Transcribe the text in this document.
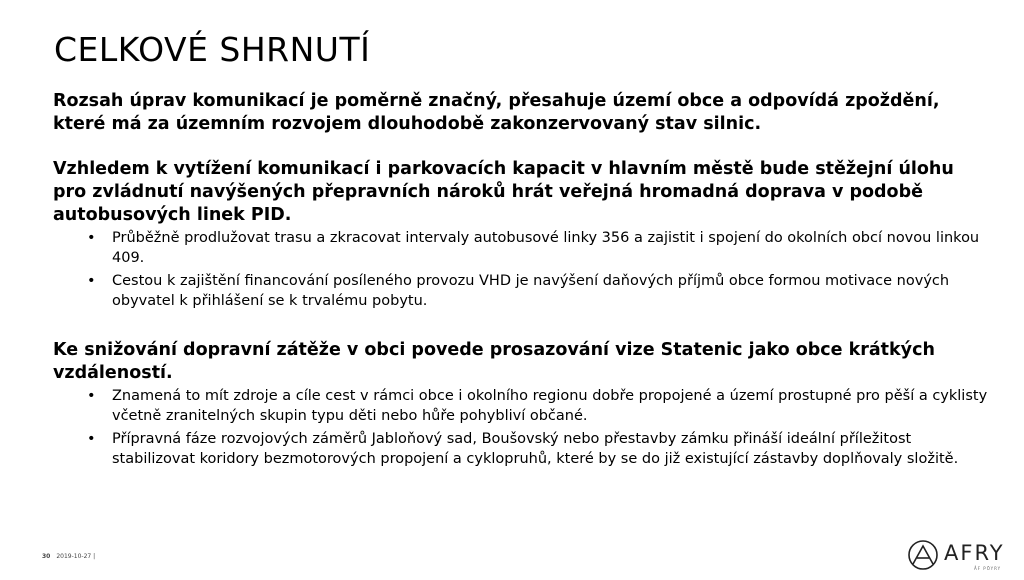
CELKOVÉ SHRNUTÍ

Rozsah úprav komunikací je poměrně značný, přesahuje území obce a odpovídá zpoždění, které má za územním rozvojem dlouhodobě zakonzervovaný stav silnic.

Vzhledem k vytížení komunikací i parkovacích kapacit v hlavním městě bude stěžejní úlohu pro zvládnutí navýšených přepravních nároků hrát veřejná hromadná doprava v podobě autobusových linek PID.

• Průběžně prodlužovat trasu a zkracovat intervaly autobusové linky 356 a zajistit i spojení do okolních obcí novou linkou 409.
• Cestou k zajištění financování posíleného provozu VHD je navýšení daňových příjmů obce formou motivace nových obyvatel k přihlášení se k trvalému pobytu.

Ke snižování dopravní zátěže v obci povede prosazování vize Statenic jako obce krátkých vzdáleností.

• Znamená to mít zdroje a cíle cest v rámci obce i okolního regionu dobře propojené a území prostupné pro pěší a cyklisty včetně zranitelných skupin typu děti nebo hůře pohybliví občané.
• Přípravná fáze rozvojových záměrů Jabloňový sad, Boušovský nebo přestavby zámku přináší ideální příležitost stabilizovat koridory bezmotorových propojení a cyklopruhů, které by se do již existující zástavby doplňovaly složitě.
30 2019-10-27 |	AFRY
ÅF PÖYRY
